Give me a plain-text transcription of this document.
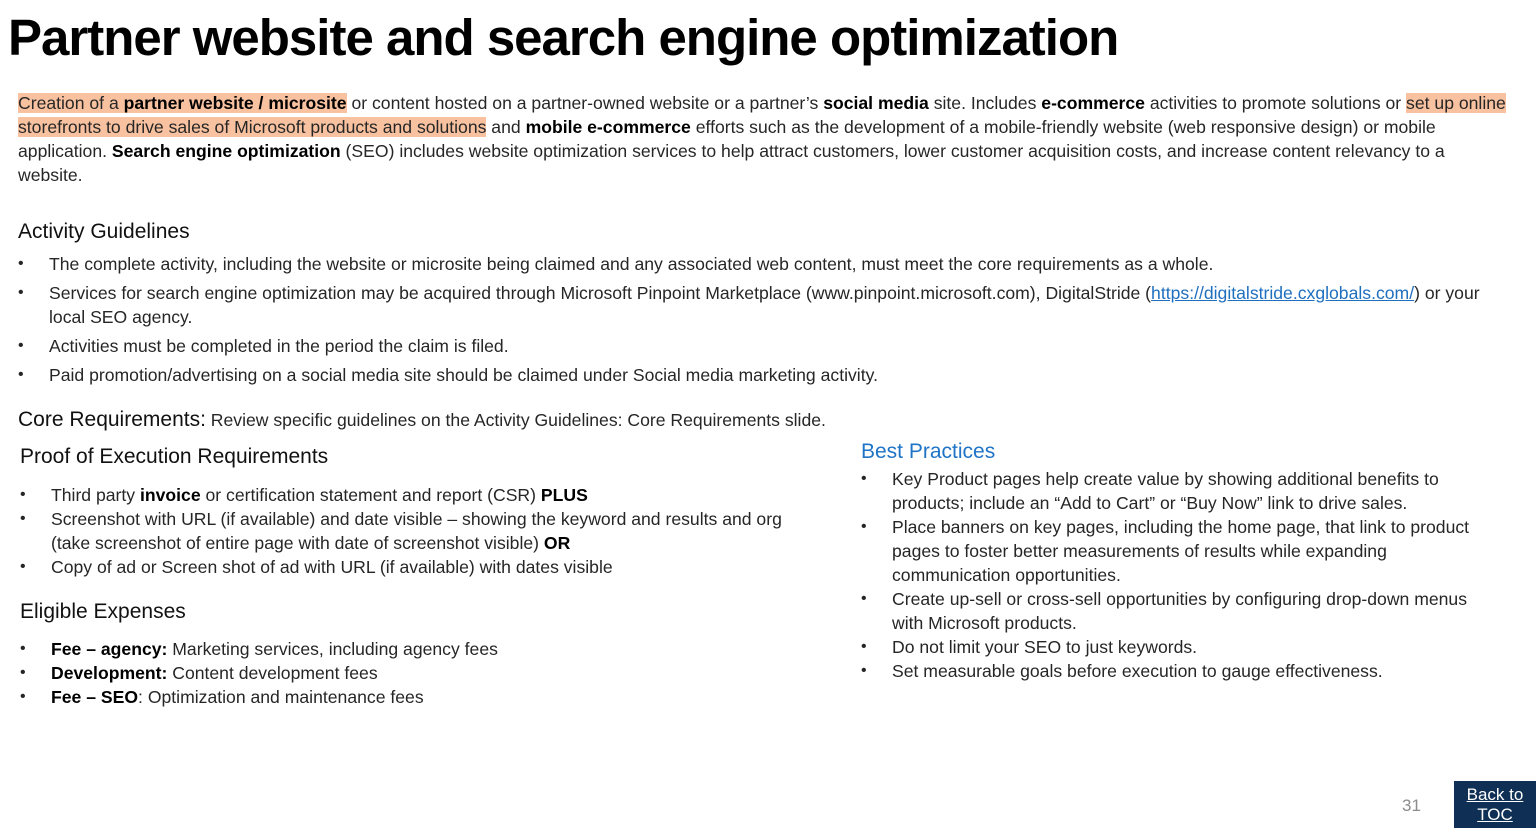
Partner website and search engine optimization
Creation of a partner website / microsite or content hosted on a partner-owned website or a partner’s social media site. Includes e-commerce activities to promote solutions or set up online storefronts to drive sales of Microsoft products and solutions and mobile e-commerce efforts such as the development of a mobile-friendly website (web responsive design) or mobile application. Search engine optimization (SEO) includes website optimization services to help attract customers, lower customer acquisition costs, and increase content relevancy to a website.
Activity Guidelines
• The complete activity, including the website or microsite being claimed and any associated web content, must meet the core requirements as a whole.
• Services for search engine optimization may be acquired through Microsoft Pinpoint Marketplace (www.pinpoint.microsoft.com), DigitalStride (https://digitalstride.cxglobals.com/) or your local SEO agency.
• Activities must be completed in the period the claim is filed.
• Paid promotion/advertising on a social media site should be claimed under Social media marketing activity.
Core Requirements: Review specific guidelines on the Activity Guidelines: Core Requirements slide.
Proof of Execution Requirements
• Third party invoice or certification statement and report (CSR) PLUS
• Screenshot with URL (if available) and date visible – showing the keyword and results and org (take screenshot of entire page with date of screenshot visible) OR
• Copy of ad or Screen shot of ad with URL (if available) with dates visible
Eligible Expenses
• Fee – agency: Marketing services, including agency fees
• Development: Content development fees
• Fee – SEO: Optimization and maintenance fees
Best Practices
• Key Product pages help create value by showing additional benefits to products; include an “Add to Cart” or “Buy Now” link to drive sales.
• Place banners on key pages, including the home page, that link to product pages to foster better measurements of results while expanding communication opportunities.
• Create up-sell or cross-sell opportunities by configuring drop-down menus with Microsoft products.
• Do not limit your SEO to just keywords.
• Set measurable goals before execution to gauge effectiveness.
31
Back to
TOC
